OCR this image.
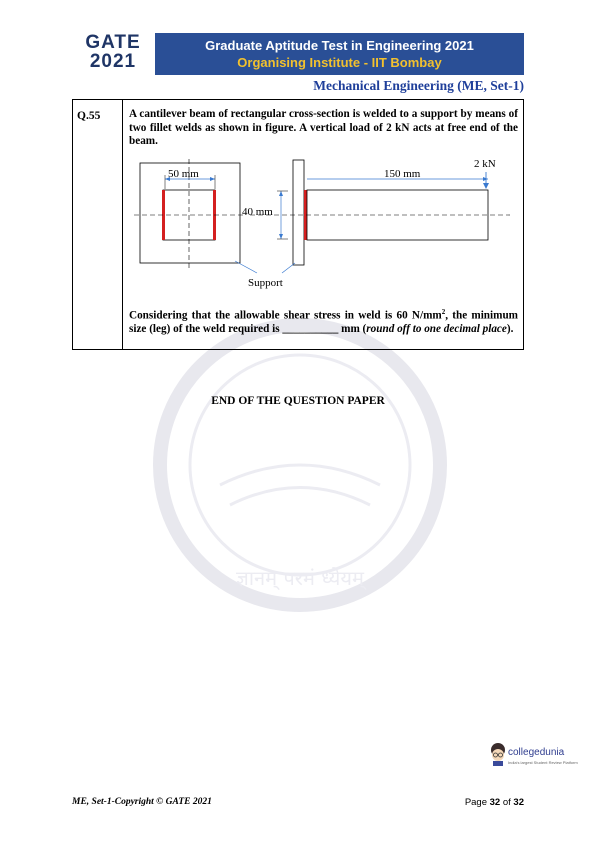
ज्ञानम् परमं ध्येयम्
GATE
2021
Graduate Aptitude Test in Engineering 2021
Organising Institute - IIT Bombay
Mechanical Engineering (ME, Set-1)
Q.55	A cantilever beam of rectangular cross-section is welded to a support by means of two fillet welds as shown in figure. A vertical load of 2 kN acts at free end of the beam.
50 mm
40 mm
150 mm
2 kN
Support
Considering that the allowable shear stress in weld is 60 $N/mm^2$, the minimum size (leg) of the weld required is __________ mm (round off to one decimal place).
END OF THE QUESTION PAPER
collegedunia
India's largest Student Review Platform
ME, Set-1-Copyright © GATE 2021	Page 32 of 32
